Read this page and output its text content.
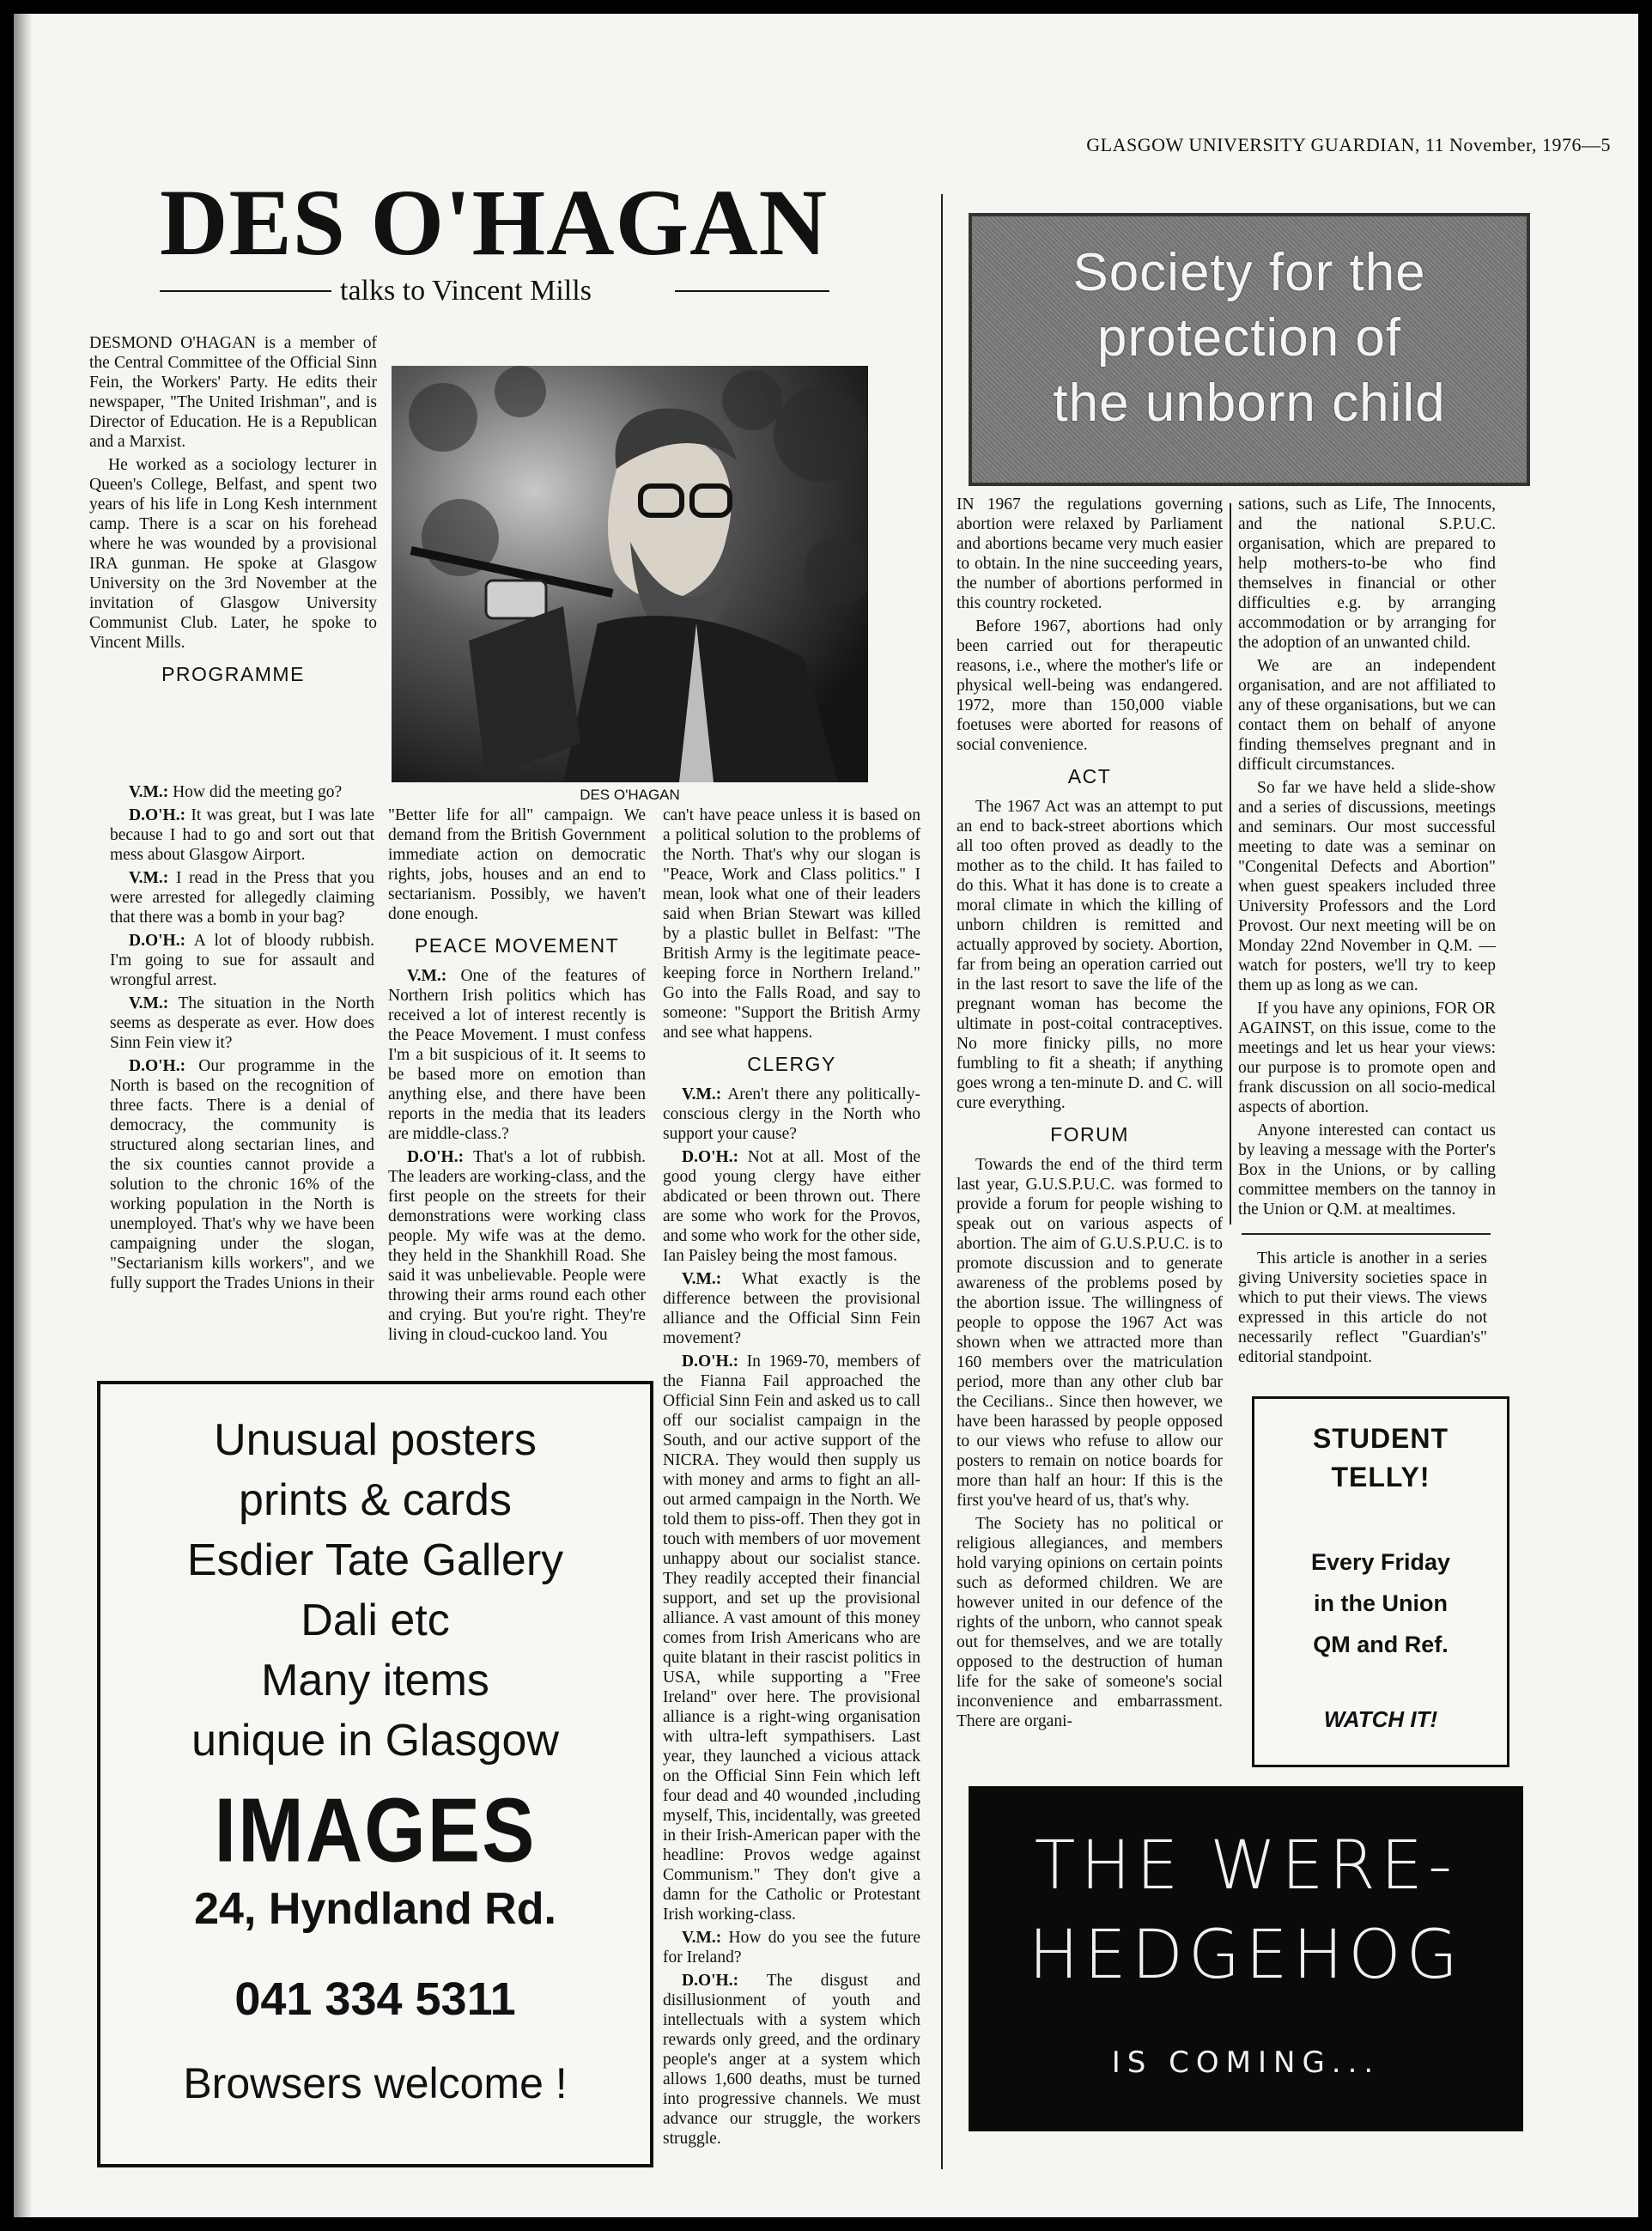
GLASGOW UNIVERSITY GUARDIAN, 11 November, 1976—5
DES O'HAGAN
talks to Vincent Mills

DESMOND O'HAGAN is a member of the Central Committee of the Official Sinn Fein, the Workers' Party. He edits their newspaper, "The United Irishman", and is Director of Education. He is a Republican and a Marxist.

He worked as a sociology lecturer in Queen's College, Belfast, and spent two years of his life in Long Kesh internment camp. There is a scar on his forehead where he was wounded by a provisional IRA gunman. He spoke at Glasgow University on the 3rd November at the invitation of Glasgow University Communist Club. Later, he spoke to Vincent Mills.

PROGRAMME
DES O'HAGAN

V.M.: How did the meeting go?

D.O'H.: It was great, but I was late because I had to go and sort out that mess about Glasgow Airport.

V.M.: I read in the Press that you were arrested for allegedly claiming that there was a bomb in your bag?

D.O'H.: A lot of bloody rubbish. I'm going to sue for assault and wrongful arrest.

V.M.: The situation in the North seems as desperate as ever. How does Sinn Fein view it?

D.O'H.: Our programme in the North is based on the recognition of three facts. There is a denial of democracy, the community is structured along sectarian lines, and the six counties cannot provide a solution to the chronic 16% of the working population in the North is unemployed. That's why we have been campaigning under the slogan, "Sectarianism kills workers", and we fully support the Trades Unions in their

"Better life for all" campaign. We demand from the British Government immediate action on democratic rights, jobs, houses and an end to sectarianism. Possibly, we haven't done enough.

PEACE MOVEMENT

V.M.: One of the features of Northern Irish politics which has received a lot of interest recently is the Peace Movement. I must confess I'm a bit suspicious of it. It seems to be based more on emotion than anything else, and there have been reports in the media that its leaders are middle-class.?

D.O'H.: That's a lot of rubbish. The leaders are working-class, and the first people on the streets for their demonstrations were working class people. My wife was at the demo. they held in the Shankhill Road. She said it was unbelievable. People were throwing their arms round each other and crying. But you're right. They're living in cloud-cuckoo land. You

can't have peace unless it is based on a political solution to the problems of the North. That's why our slogan is "Peace, Work and Class politics." I mean, look what one of their leaders said when Brian Stewart was killed by a plastic bullet in Belfast: "The British Army is the legitimate peace-keeping force in Northern Ireland." Go into the Falls Road, and say to someone: "Support the British Army and see what happens.

CLERGY

V.M.: Aren't there any politically-conscious clergy in the North who support your cause?

D.O'H.: Not at all. Most of the good young clergy have either abdicated or been thrown out. There are some who work for the Provos, and some who work for the other side, Ian Paisley being the most famous.

V.M.: What exactly is the difference between the provisional alliance and the Official Sinn Fein movement?

D.O'H.: In 1969-70, members of the Fianna Fail approached the Official Sinn Fein and asked us to call off our socialist campaign in the South, and our active support of the NICRA. They would then supply us with money and arms to fight an all-out armed campaign in the North. We told them to piss-off. Then they got in touch with members of uor movement unhappy about our socialist stance. They readily accepted their financial support, and set up the provisional alliance. A vast amount of this money comes from Irish Americans who are quite blatant in their rascist politics in USA, while supporting a "Free Ireland" over here. The provisional alliance is a right-wing organisation with ultra-left sympathisers. Last year, they launched a vicious attack on the Official Sinn Fein which left four dead and 40 wounded ,including myself, This, incidentally, was greeted in their Irish-American paper with the headline: Provos wedge against Communism." They don't give a damn for the Catholic or Protestant Irish working-class.

V.M.: How do you see the future for Ireland?

D.O'H.: The disgust and disillusionment of youth and intellectuals with a system which rewards only greed, and the ordinary people's anger at a system which allows 1,600 deaths, must be turned into progressive channels. We must advance our struggle, the workers struggle.

Society for the
protection of
the unborn child

IN 1967 the regulations governing abortion were relaxed by Parliament and abortions became very much easier to obtain. In the nine succeeding years, the number of abortions performed in this country rocketed.

Before 1967, abortions had only been carried out for therapeutic reasons, i.e., where the mother's life or physical well-being was endangered. 1972, more than 150,000 viable foetuses were aborted for reasons of social convenience.

ACT

The 1967 Act was an attempt to put an end to back-street abortions which all too often proved as deadly to the mother as to the child. It has failed to do this. What it has done is to create a moral climate in which the killing of unborn children is remitted and actually approved by society. Abortion, far from being an operation carried out in the last resort to save the life of the pregnant woman has become the ultimate in post-coital contraceptives. No more finicky pills, no more fumbling to fit a sheath; if anything goes wrong a ten-minute D. and C. will cure everything.

FORUM

Towards the end of the third term last year, G.U.S.P.U.C. was formed to provide a forum for people wishing to speak out on various aspects of abortion. The aim of G.U.S.P.U.C. is to promote discussion and to generate awareness of the problems posed by the abortion issue. The willingness of people to oppose the 1967 Act was shown when we attracted more than 160 members over the matriculation period, more than any other club bar the Cecilians.. Since then however, we have been harassed by people opposed to our views who refuse to allow our posters to remain on notice boards for more than half an hour: If this is the first you've heard of us, that's why.

The Society has no political or religious allegiances, and members hold varying opinions on certain points such as deformed children. We are however united in our defence of the rights of the unborn, who cannot speak out for themselves, and we are totally opposed to the destruction of human life for the sake of someone's social inconvenience and embarrassment. There are organi-

sations, such as Life, The Innocents, and the national S.P.U.C. organisation, which are prepared to help mothers-to-be who find themselves in financial or other difficulties e.g. by arranging accommodation or by arranging for the adoption of an unwanted child.

We are an independent organisation, and are not affiliated to any of these organisations, but we can contact them on behalf of anyone finding themselves pregnant and in difficult circumstances.

So far we have held a slide-show and a series of discussions, meetings and seminars. Our most successful meeting to date was a seminar on "Congenital Defects and Abortion" when guest speakers included three University Professors and the Lord Provost. Our next meeting will be on Monday 22nd November in Q.M. — watch for posters, we'll try to keep them up as long as we can.

If you have any opinions, FOR OR AGAINST, on this issue, come to the meetings and let us hear your views: our purpose is to promote open and frank discussion on all socio-medical aspects of abortion.

Anyone interested can contact us by leaving a message with the Porter's Box in the Unions, or by calling committee members on the tannoy in the Union or Q.M. at mealtimes.

This article is another in a series giving University societies space in which to put their views. The views expressed in this article do not necessarily reflect "Guardian's" editorial standpoint.

Unusual posters
prints & cards
Esdier Tate Gallery
Dali etc
Many items
unique in Glasgow
IMAGES
24, Hyndland Rd.
041 334 5311
Browsers welcome !
STUDENT
TELLY!
Every Friday
in the Union
QM and Ref.
WATCH IT!
THE WERE-
HEDGEHOG
IS COMING...
